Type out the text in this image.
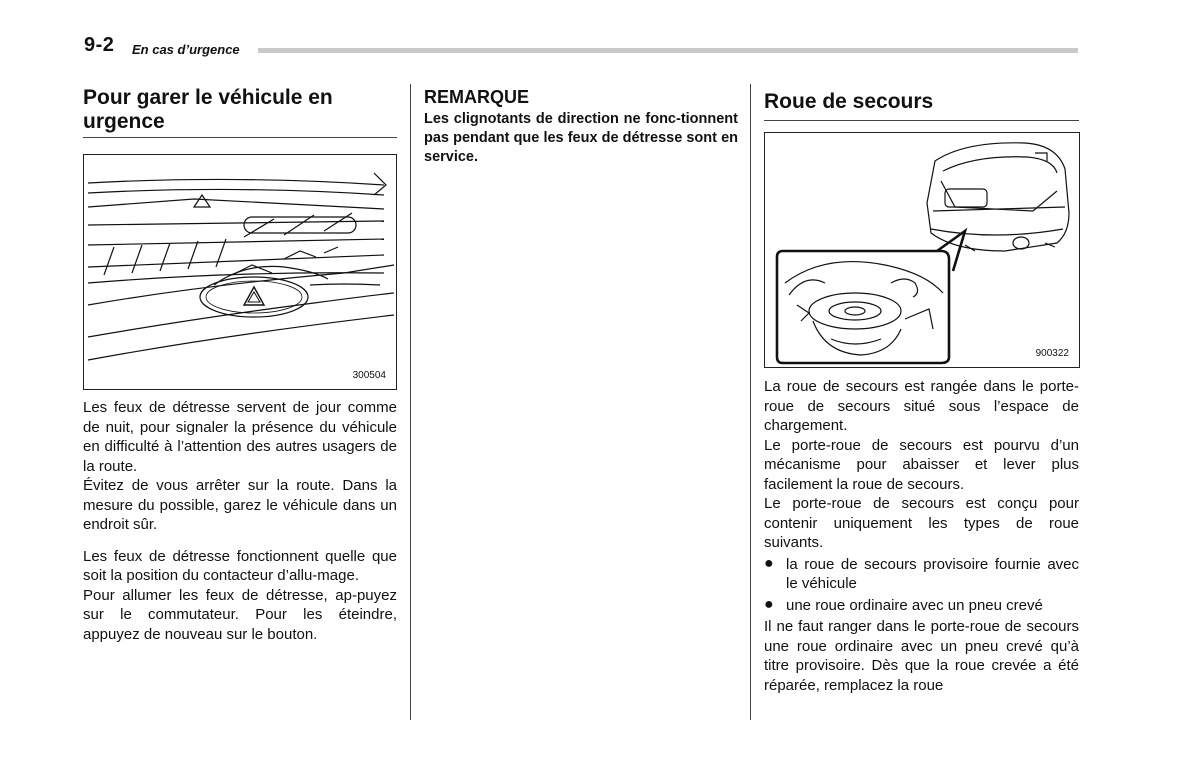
9-2 En cas d’urgence
Pour garer le véhicule en urgence
300504

Les feux de détresse servent de jour comme de nuit, pour signaler la présence du véhicule en difficulté à l’attention des autres usagers de la route.

Évitez de vous arrêter sur la route. Dans la mesure du possible, garez le véhicule dans un endroit sûr.

Les feux de détresse fonctionnent quelle que soit la position du contacteur d’allu-mage.

Pour allumer les feux de détresse, ap-puyez sur le commutateur. Pour les éteindre, appuyez de nouveau sur le bouton.

REMARQUE
Les clignotants de direction ne fonc-tionnent pas pendant que les feux de détresse sont en service.
Roue de secours
900322

La roue de secours est rangée dans le porte-roue de secours situé sous l’espace de chargement.

Le porte-roue de secours est pourvu d’un mécanisme pour abaisser et lever plus facilement la roue de secours.

Le porte-roue de secours est conçu pour contenir uniquement les types de roue suivants.

● la roue de secours provisoire fournie avec le véhicule

● une roue ordinaire avec un pneu crevé

Il ne faut ranger dans le porte-roue de secours une roue ordinaire avec un pneu crevé qu’à titre provisoire. Dès que la roue crevée a été réparée, remplacez la roue
